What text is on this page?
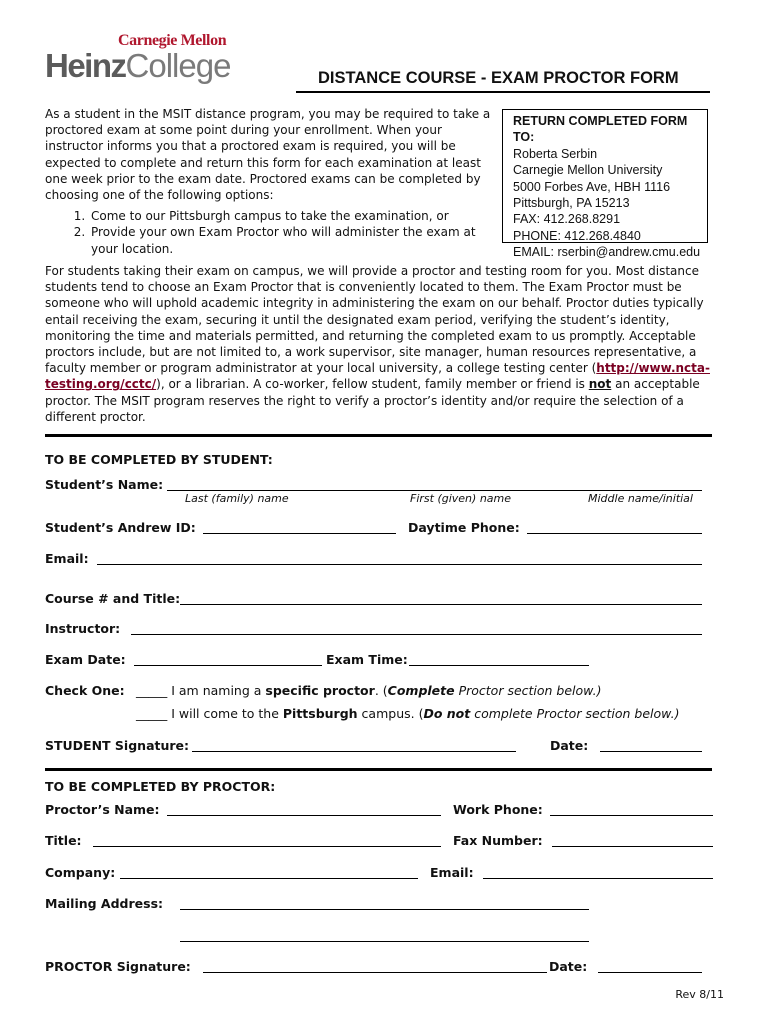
Carnegie Mellon
HeinzCollege	DISTANCE COURSE - EXAM PROCTOR FORM

As a student in the MSIT distance program, you may be required to take a proctored exam at some point during your enrollment. When your instructor informs you that a proctored exam is required, you will be expected to complete and return this form for each examination at least one week prior to the exam date. Proctored exams can be completed by choosing one of the following options:

1. Come to our Pittsburgh campus to take the examination, or
2. Provide your own Exam Proctor who will administer the exam at your location.
RETURN COMPLETED FORM TO:
Roberta Serbin
Carnegie Mellon University
5000 Forbes Ave, HBH 1116
Pittsburgh, PA 15213
FAX: 412.268.8291
PHONE: 412.268.4840
EMAIL: rserbin@andrew.cmu.edu

For students taking their exam on campus, we will provide a proctor and testing room for you. Most distance students tend to choose an Exam Proctor that is conveniently located to them. The Exam Proctor must be someone who will uphold academic integrity in administering the exam on our behalf. Proctor duties typically entail receiving the exam, securing it until the designated exam period, verifying the student’s identity, monitoring the time and materials permitted, and returning the completed exam to us promptly. Acceptable proctors include, but are not limited to, a work supervisor, site manager, human resources representative, a faculty member or program administrator at your local university, a college testing center (http://www.ncta-testing.org/cctc/), or a librarian. A co-worker, fellow student, family member or friend is not an acceptable proctor. The MSIT program reserves the right to verify a proctor’s identity and/or require the selection of a different proctor.

TO BE COMPLETED BY STUDENT:
Student’s Name:
Last (family) name	First (given) name	Middle name/initial
Student’s Andrew ID:	Daytime Phone:
Email:
Course # and Title:
Instructor:
Exam Date:	Exam Time:
Check One: _____ I am naming a specific proctor. (Complete Proctor section below.)
_____ I will come to the Pittsburgh campus. (Do not complete Proctor section below.)
STUDENT Signature:	Date:
TO BE COMPLETED BY PROCTOR:
Proctor’s Name:	Work Phone:
Title:	Fax Number:
Company:	Email:
Mailing Address:
PROCTOR Signature:	Date:
Rev 8/11
